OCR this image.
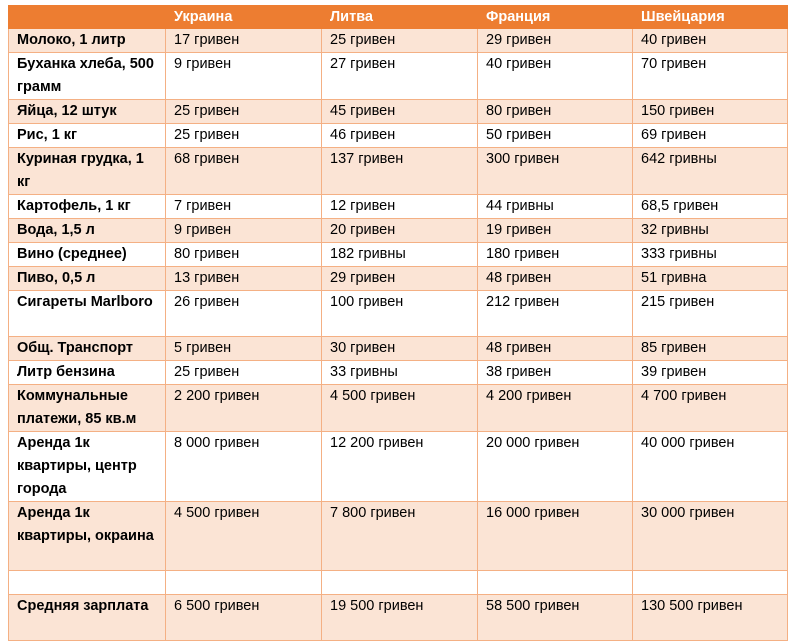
	Украина	Литва	Франция	Швейцария
Молоко, 1 литр	17 гривен	25 гривен	29 гривен	40 гривен
Буханка хлеба, 500 грамм	9 гривен	27 гривен	40 гривен	70 гривен
Яйца, 12 штук	25 гривен	45 гривен	80 гривен	150 гривен
Рис, 1 кг	25 гривен	46 гривен	50 гривен	69 гривен
Куриная грудка, 1 кг	68 гривен	137 гривен	300 гривен	642 гривны
Картофель, 1 кг	7 гривен	12 гривен	44 гривны	68,5 гривен
Вода, 1,5 л	9 гривен	20 гривен	19 гривен	32 гривны
Вино (среднее)	80 гривен	182 гривны	180 гривен	333 гривны
Пиво, 0,5 л	13 гривен	29 гривен	48 гривен	51 гривна
Сигареты Marlboro	26 гривен	100 гривен	212 гривен	215 гривен
Общ. Транспорт	5 гривен	30 гривен	48 гривен	85 гривен
Литр бензина	25 гривен	33 гривны	38 гривен	39 гривен
Коммунальные платежи, 85 кв.м	2 200 гривен	4 500 гривен	4 200 гривен	4 700 гривен
Аренда 1к квартиры, центр города	8 000 гривен	12 200 гривен	20 000 гривен	40 000 гривен
Аренда 1к квартиры, окраина	4 500 гривен	7 800 гривен	16 000 гривен	30 000 гривен

Средняя зарплата	6 500 гривен	19 500 гривен	58 500 гривен	130 500 гривен
